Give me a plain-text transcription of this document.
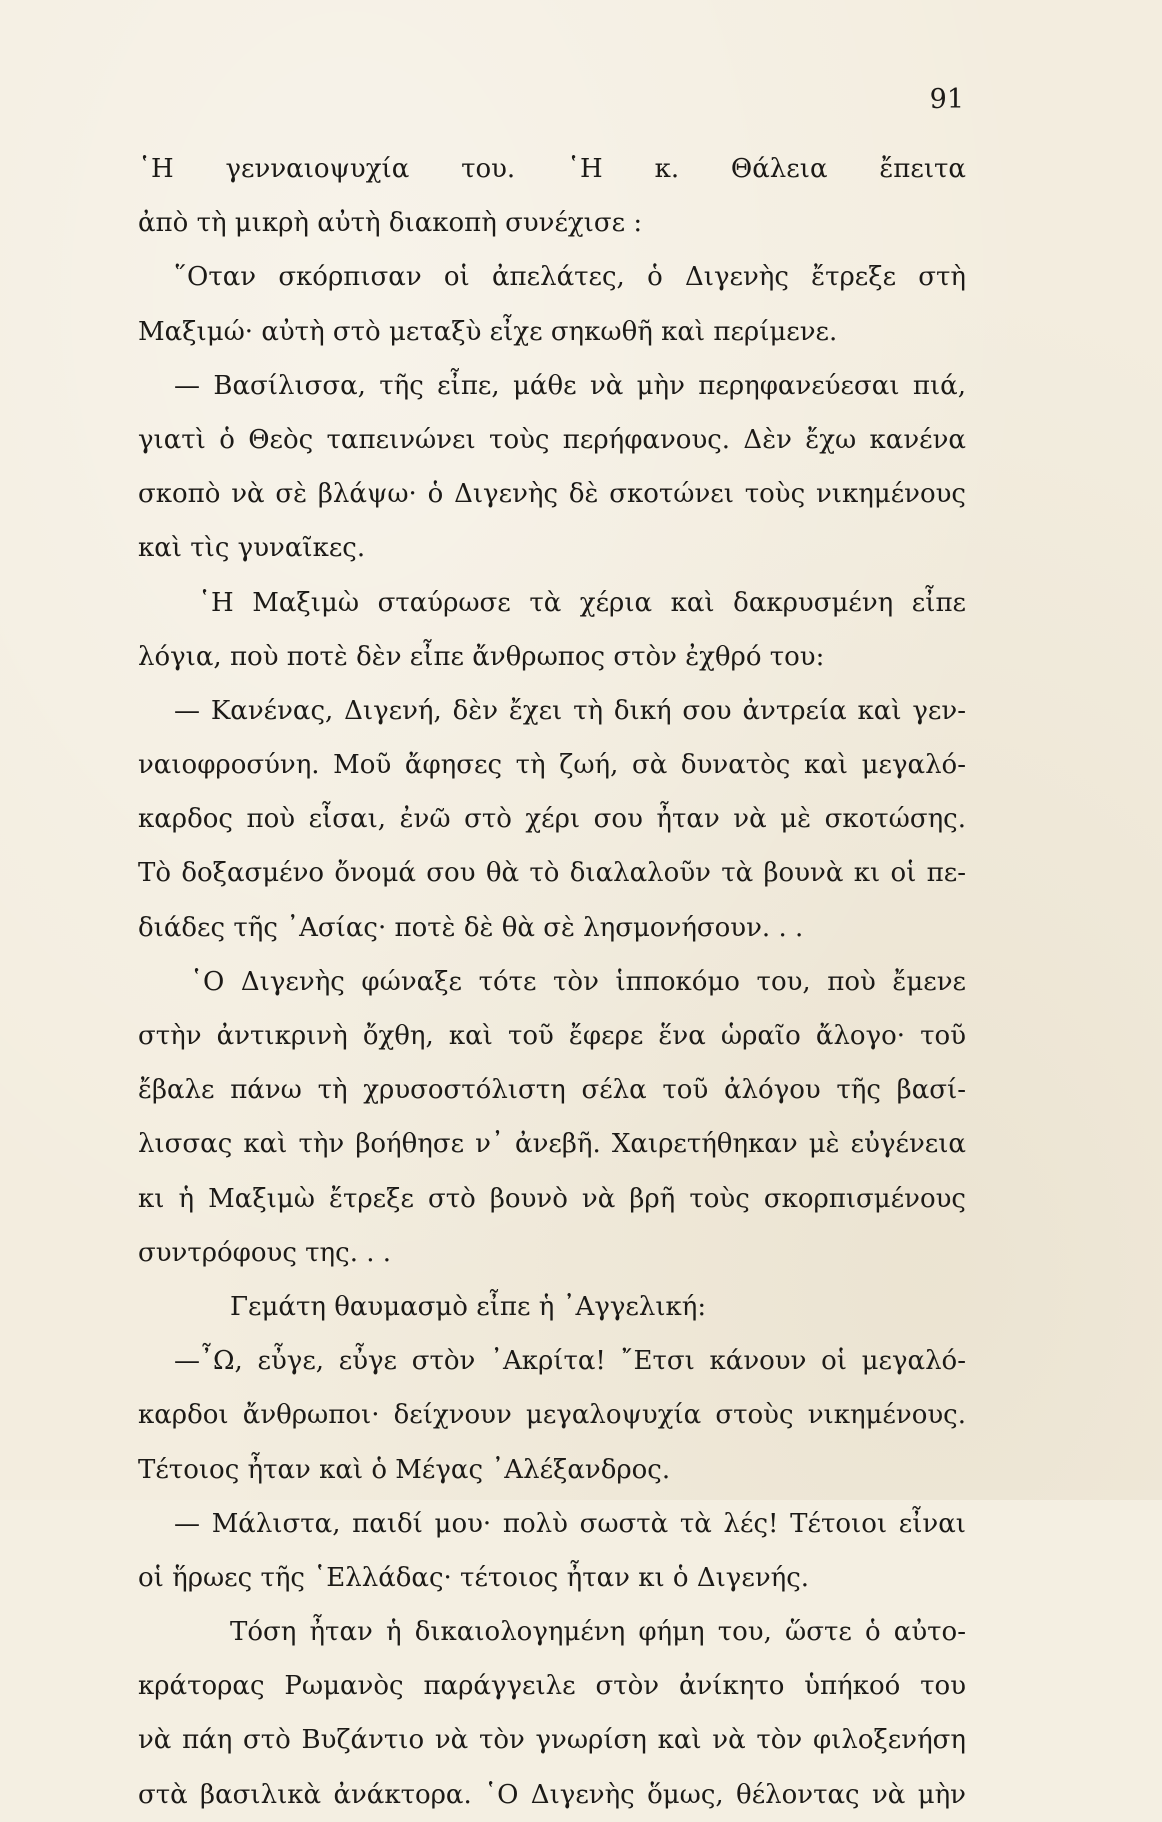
91
῾Η γενναιοψυχία του. ῾Η κ. Θάλεια ἔπειτα
ἀπὸ τὴ μικρὴ αὐτὴ διακοπὴ συνέχισε :
῞Οταν σκόρπισαν οἱ ἀπελάτες, ὁ Διγενὴς ἔτρεξε στὴ
Μαξιμώ· αὐτὴ στὸ μεταξὺ εἶχε σηκωθῆ καὶ περίμενε.
— Βασίλισσα, τῆς εἶπε, μάθε νὰ μὴν περηφανεύεσαι πιά,
γιατὶ ὁ Θεὸς ταπεινώνει τοὺς περήφανους. Δὲν ἔχω κανένα
σκοπὸ νὰ σὲ βλάψω· ὁ Διγενὴς δὲ σκοτώνει τοὺς νικημένους
καὶ τὶς γυναῖκες.
῾Η Μαξιμὼ σταύρωσε τὰ χέρια καὶ δακρυσμένη εἶπε
λόγια, ποὺ ποτὲ δὲν εἶπε ἄνθρωπος στὸν ἐχθρό του:
— Κανένας, Διγενή, δὲν ἔχει τὴ δική σου ἀντρεία καὶ γεν-
ναιοφροσύνη. Μοῦ ἄφησες τὴ ζωή, σὰ δυνατὸς καὶ μεγαλό-
καρδος ποὺ εἶσαι, ἐνῶ στὸ χέρι σου ἦταν νὰ μὲ σκοτώσης.
Τὸ δοξασμένο ὄνομά σου θὰ τὸ διαλαλοῦν τὰ βουνὰ κι οἱ πε-
διάδες τῆς ᾿Ασίας· ποτὲ δὲ θὰ σὲ λησμονήσουν. . .
῾Ο Διγενὴς φώναξε τότε τὸν ἱπποκόμο του, ποὺ ἔμενε
στὴν ἀντικρινὴ ὄχθη, καὶ τοῦ ἔφερε ἕνα ὡραῖο ἄλογο· τοῦ
ἔβαλε πάνω τὴ χρυσοστόλιστη σέλα τοῦ ἀλόγου τῆς βασί-
λισσας καὶ τὴν βοήθησε ν᾿ ἀνεβῆ. Χαιρετήθηκαν μὲ εὐγένεια
κι ἡ Μαξιμὼ ἔτρεξε στὸ βουνὸ νὰ βρῆ τοὺς σκορπισμένους
συντρόφους της. . .
Γεμάτη θαυμασμὸ εἶπε ἡ ᾿Αγγελική:
—῏Ω, εὖγε, εὖγε στὸν ᾿Ακρίτα! ῎Ετσι κάνουν οἱ μεγαλό-
καρδοι ἄνθρωποι· δείχνουν μεγαλοψυχία στοὺς νικημένους.
Τέτοιος ἦταν καὶ ὁ Μέγας ᾿Αλέξανδρος.
— Μάλιστα, παιδί μου· πολὺ σωστὰ τὰ λές! Τέτοιοι εἶναι
οἱ ἥρωες τῆς ῾Ελλάδας· τέτοιος ἦταν κι ὁ Διγενής.
Τόση ἦταν ἡ δικαιολογημένη φήμη του, ὥστε ὁ αὐτο-
κράτορας Ρωμανὸς παράγγειλε στὸν ἀνίκητο ὑπήκοό του
νὰ πάη στὸ Βυζάντιο νὰ τὸν γνωρίση καὶ νὰ τὸν φιλοξενήση
στὰ βασιλικὰ ἀνάκτορα. ῾Ο Διγενὴς ὅμως, θέλοντας νὰ μὴν
